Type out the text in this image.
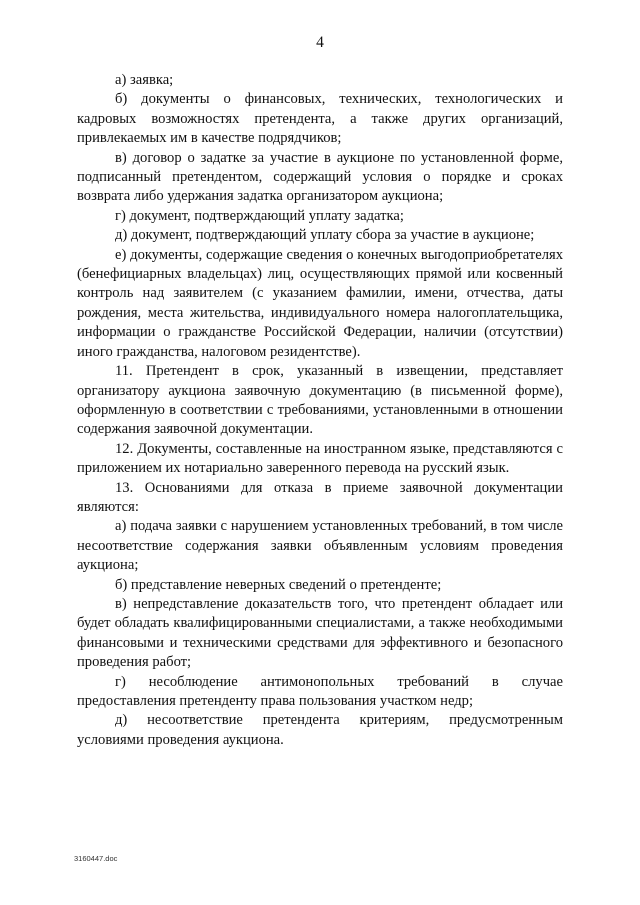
4

а) заявка;

б) документы о финансовых, технических, технологических и кадровых возможностях претендента, а также других организаций, привлекаемых им в качестве подрядчиков;

в) договор о задатке за участие в аукционе по установленной форме, подписанный претендентом, содержащий условия о порядке и сроках возврата либо удержания задатка организатором аукциона;

г) документ, подтверждающий уплату задатка;

д) документ, подтверждающий уплату сбора за участие в аукционе;

е) документы, содержащие сведения о конечных выгодоприобретателях (бенефициарных владельцах) лиц, осуществляющих прямой или косвенный контроль над заявителем (с указанием фамилии, имени, отчества, даты рождения, места жительства, индивидуального номера налогоплательщика, информации о гражданстве Российской Федерации, наличии (отсутствии) иного гражданства, налоговом резидентстве).

11. Претендент в срок, указанный в извещении, представляет организатору аукциона заявочную документацию (в письменной форме), оформленную в соответствии с требованиями, установленными в отношении содержания заявочной документации.

12. Документы, составленные на иностранном языке, представляются с приложением их нотариально заверенного перевода на русский язык.

13. Основаниями для отказа в приеме заявочной документации являются:

а) подача заявки с нарушением установленных требований, в том числе несоответствие содержания заявки объявленным условиям проведения аукциона;

б) представление неверных сведений о претенденте;

в) непредставление доказательств того, что претендент обладает или будет обладать квалифицированными специалистами, а также необходимыми финансовыми и техническими средствами для эффективного и безопасного проведения работ;

г) несоблюдение антимонопольных требований в случае предоставления претенденту права пользования участком недр;

д) несоответствие претендента критериям, предусмотренным условиями проведения аукциона.

3160447.doc
